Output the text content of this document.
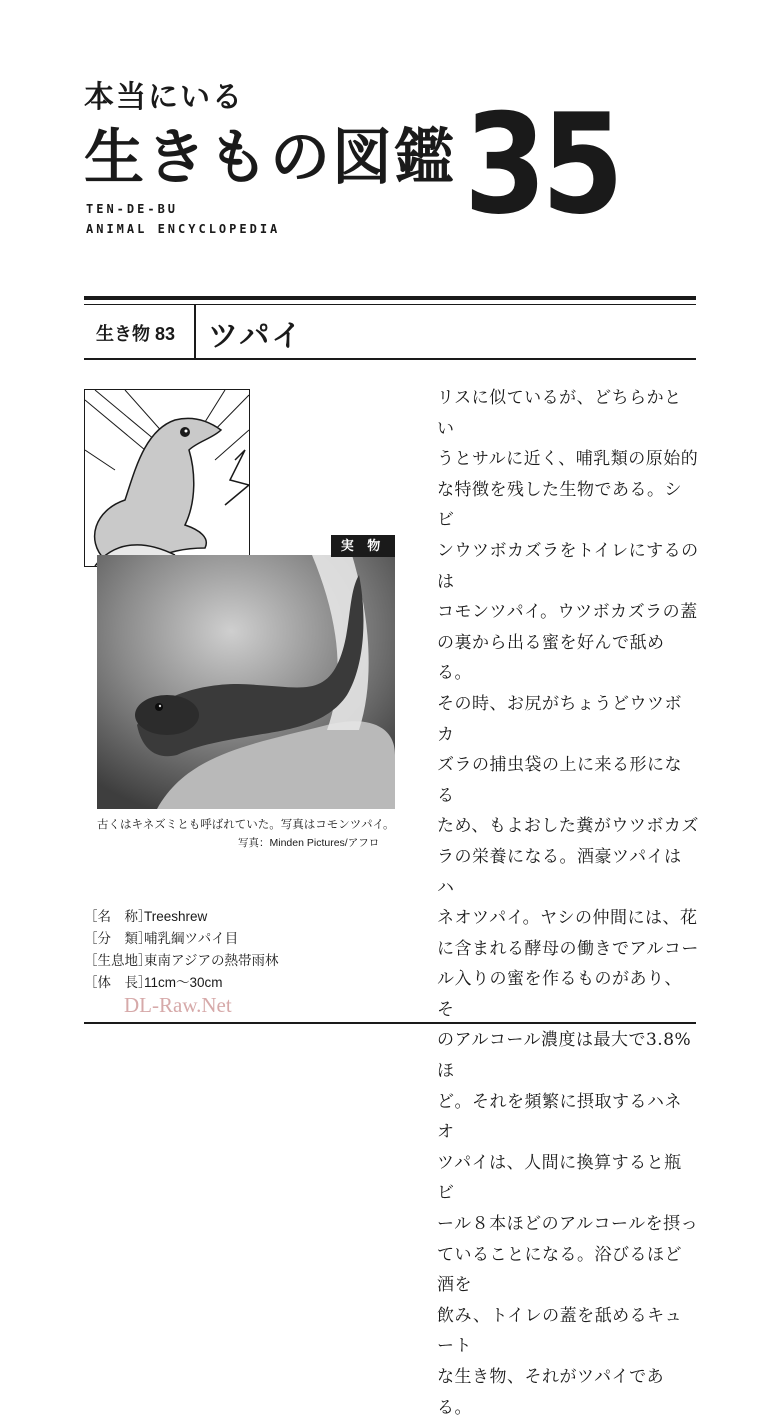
本当にいる
生きもの図鑑 35
TEN-DE-BU
ANIMAL ENCYCLOPEDIA
生き物 83 ツパイ
実 物
古くはキネズミとも呼ばれていた。写真はコモンツパイ。
写真：Minden Pictures/アフロ
［名　称］Treeshrew
［分　類］哺乳綱ツパイ目
［生息地］東南アジアの熱帯雨林
［体　長］11cm〜30cm
リスに似ているが、どちらかとい
うとサルに近く、哺乳類の原始的
な特徴を残した生物である。シビ
ンウツボカズラをトイレにするのは
コモンツパイ。ウツボカズラの蓋
の裏から出る蜜を好んで舐める。
その時、お尻がちょうどウツボカ
ズラの捕虫袋の上に来る形になる
ため、もよおした糞がウツボカズ
ラの栄養になる。酒豪ツパイはハ
ネオツパイ。ヤシの仲間には、花
に含まれる酵母の働きでアルコー
ル入りの蜜を作るものがあり、そ
のアルコール濃度は最大で3.8%ほ
ど。それを頻繁に摂取するハネオ
ツパイは、人間に換算すると瓶ビ
ール８本ほどのアルコールを摂っ
ていることになる。浴びるほど酒を
飲み、トイレの蓋を舐めるキュート
な生き物、それがツパイである。
DL-Raw.Net
